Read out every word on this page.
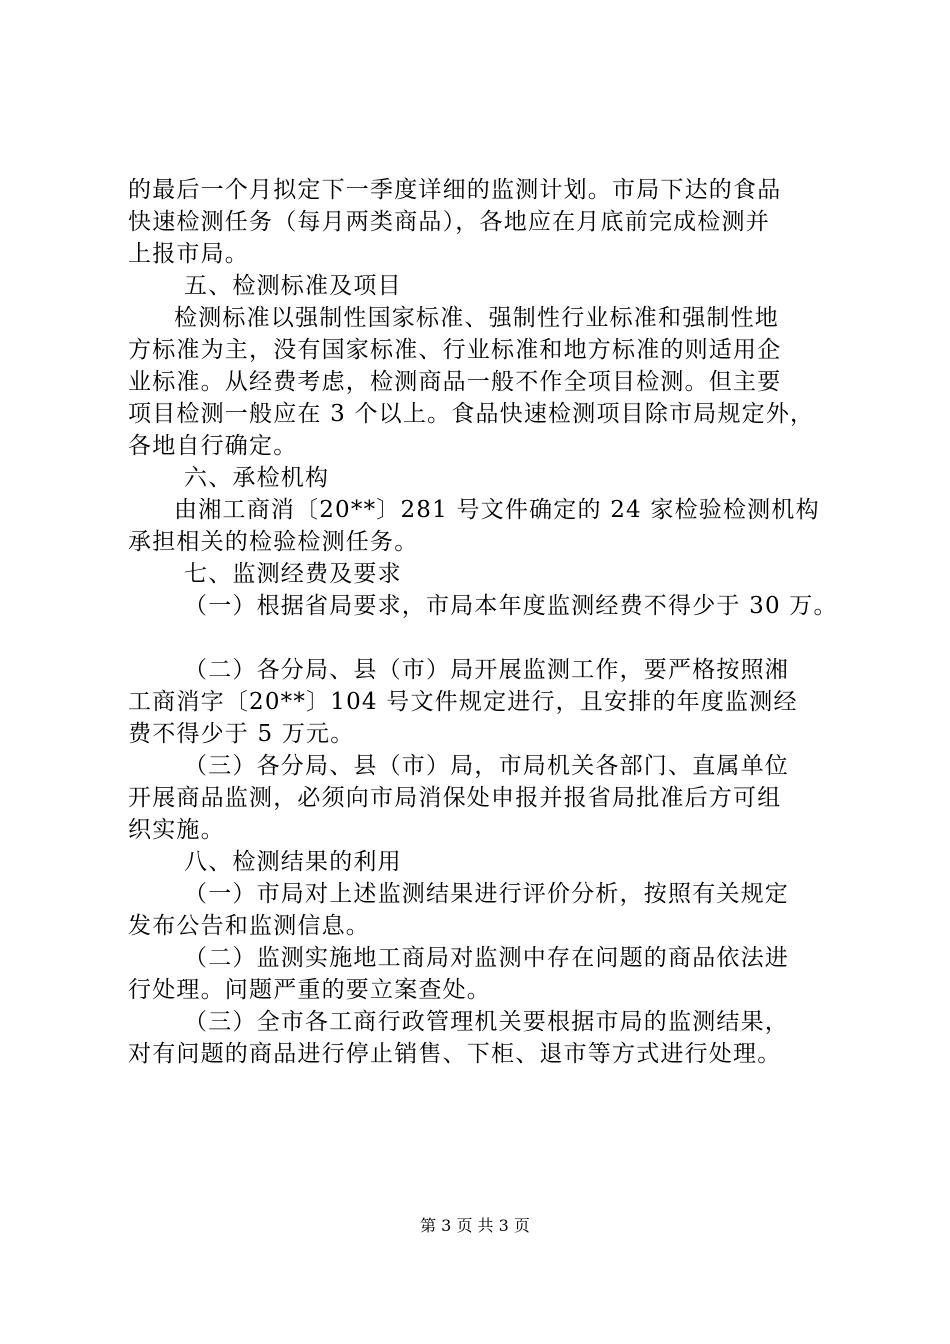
的最后一个月拟定下一季度详细的监测计划。市局下达的食品
快速检测任务（每月两类商品），各地应在月底前完成检测并
上报市局。
五、检测标准及项目
检测标准以强制性国家标准、强制性行业标准和强制性地
方标准为主，没有国家标准、行业标准和地方标准的则适用企
业标准。从经费考虑，检测商品一般不作全项目检测。但主要
项目检测一般应在 3 个以上。食品快速检测项目除市局规定外，
各地自行确定。
六、承检机构
由湘工商消〔20**〕281 号文件确定的 24 家检验检测机构
承担相关的检验检测任务。
七、监测经费及要求
（一）根据省局要求，市局本年度监测经费不得少于 30 万。
（二）各分局、县（市）局开展监测工作，要严格按照湘
工商消字〔20**〕104 号文件规定进行，且安排的年度监测经
费不得少于 5 万元。
（三）各分局、县（市）局，市局机关各部门、直属单位
开展商品监测，必须向市局消保处申报并报省局批准后方可组
织实施。
八、检测结果的利用
（一）市局对上述监测结果进行评价分析，按照有关规定
发布公告和监测信息。
（二）监测实施地工商局对监测中存在问题的商品依法进
行处理。问题严重的要立案查处。
（三）全市各工商行政管理机关要根据市局的监测结果，
对有问题的商品进行停止销售、下柜、退市等方式进行处理。
第 3 页 共 3 页
